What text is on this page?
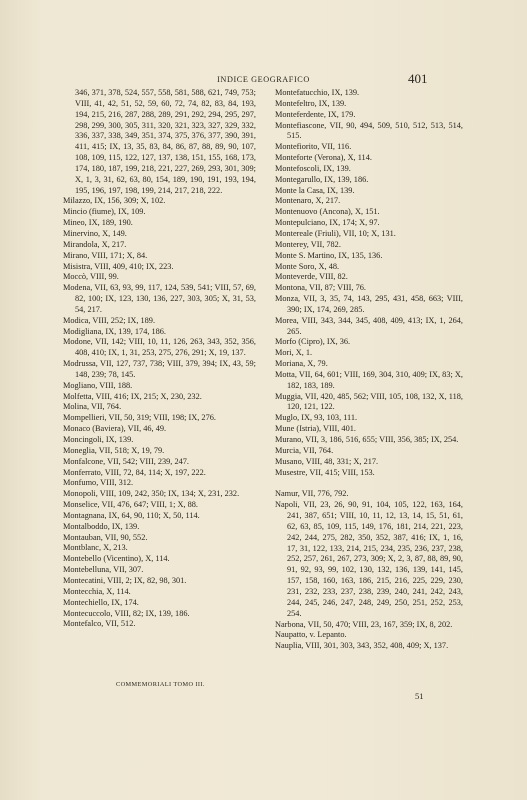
INDICE GEOGRAFICO	401
346, 371, 378, 524, 557, 558, 581, 588, 621, 749, 753; VIII, 41, 42, 51, 52, 59, 60, 72, 74, 82, 83, 84, 193, 194, 215, 216, 287, 288, 289, 291, 292, 294, 295, 297, 298, 299, 300, 305, 311, 320, 321, 323, 327, 329, 332, 336, 337, 338, 349, 351, 374, 375, 376, 377, 390, 391, 411, 415; IX, 13, 35, 83, 84, 86, 87, 88, 89, 90, 107, 108, 109, 115, 122, 127, 137, 138, 151, 155, 168, 173, 174, 180, 187, 199, 218, 221, 227, 269, 293, 301, 309; X, 1, 3, 31, 62, 63, 80, 154, 189, 190, 191, 193, 194, 195, 196, 197, 198, 199, 214, 217, 218, 222.
Milazzo, IX, 156, 309; X, 102.
Mincio (fiume), IX, 109.
Mineo, IX, 189, 190.
Minervino, X, 149.
Mirandola, X, 217.
Mirano, VIII, 171; X, 84.
Misistra, VIII, 409, 410; IX, 223.
Moccò, VIII, 99.
Modena, VII, 63, 93, 99, 117, 124, 539, 541; VIII, 57, 69, 82, 100; IX, 123, 130, 136, 227, 303, 305; X, 31, 53, 54, 217.
Modica, VIII, 252; IX, 189.
Modigliana, IX, 139, 174, 186.
Modone, VII, 142; VIII, 10, 11, 126, 263, 343, 352, 356, 408, 410; IX, 1, 31, 253, 275, 276, 291; X, 19, 137.
Modrussa, VII, 127, 737, 738; VIII, 379, 394; IX, 43, 59; 148, 239; 78, 145.
Mogliano, VIII, 188.
Molfetta, VIII, 416; IX, 215; X, 230, 232.
Molina, VII, 764.
Mompellieri, VII, 50, 319; VIII, 198; IX, 276.
Monaco (Baviera), VII, 46, 49.
Moncingoli, IX, 139.
Moneglia, VII, 518; X, 19, 79.
Monfalcone, VII, 542; VIII, 239, 247.
Monferrato, VIII, 72, 84, 114; X, 197, 222.
Monfumo, VIII, 312.
Monopoli, VIII, 109, 242, 350; IX, 134; X, 231, 232.
Monselice, VII, 476, 647; VIII, 1; X, 88.
Montagnana, IX, 64, 90, 110; X, 50, 114.
Montalboddo, IX, 139.
Montauban, VII, 90, 552.
Montblanc, X, 213.
Montebello (Vicentino), X, 114.
Montebelluna, VII, 307.
Montecatini, VIII, 2; IX, 82, 98, 301.
Montecchia, X, 114.
Montechiello, IX, 174.
Montecuccolo, VIII, 82; IX, 139, 186.
Montefalco, VII, 512.
Montefatucchio, IX, 139.
Montefeltro, IX, 139.
Monteferdente, IX, 179.
Montefiascone, VII, 90, 494, 509, 510, 512, 513, 514, 515.
Montefiorito, VII, 116.
Monteforte (Verona), X, 114.
Montefoscoli, IX, 139.
Montegarullo, IX, 139, 186.
Monte la Casa, IX, 139.
Montenaro, X, 217.
Montenuovo (Ancona), X, 151.
Montepulciano, IX, 174; X, 97.
Montereale (Friuli), VII, 10; X, 131.
Monterey, VII, 782.
Monte S. Martino, IX, 135, 136.
Monte Soro, X, 48.
Monteverde, VIII, 82.
Montona, VII, 87; VIII, 76.
Monza, VII, 3, 35, 74, 143, 295, 431, 458, 663; VIII, 390; IX, 174, 269, 285.
Morea, VIII, 343, 344, 345, 408, 409, 413; IX, 1, 264, 265.
Morfo (Cipro), IX, 36.
Mori, X, 1.
Moriana, X, 79.
Motta, VII, 64, 601; VIII, 169, 304, 310, 409; IX, 83; X, 182, 183, 189.
Muggia, VII, 420, 485, 562; VIII, 105, 108, 132, X, 118, 120, 121, 122.
Muglo, IX, 93, 103, 111.
Mune (Istria), VIII, 401.
Murano, VII, 3, 186, 516, 655; VIII, 356, 385; IX, 254.
Murcia, VII, 764.
Musano, VIII, 48, 331; X, 217.
Musestre, VII, 415; VIII, 153.
Namur, VII, 776, 792.
Napoli, VII, 23, 26, 90, 91, 104, 105, 122, 163, 164, 241, 387, 651; VIII, 10, 11, 12, 13, 14, 15, 51, 61, 62, 63, 85, 109, 115, 149, 176, 181, 214, 221, 223, 242, 244, 275, 282, 350, 352, 387, 416; IX, 1, 16, 17, 31, 122, 133, 214, 215, 234, 235, 236, 237, 238, 252, 257, 261, 267, 273, 309; X, 2, 3, 87, 88, 89, 90, 91, 92, 93, 99, 102, 130, 132, 136, 139, 141, 145, 157, 158, 160, 163, 186, 215, 216, 225, 229, 230, 231, 232, 233, 237, 238, 239, 240, 241, 242, 243, 244, 245, 246, 247, 248, 249, 250, 251, 252, 253, 254.
Narbona, VII, 50, 470; VIII, 23, 167, 359; IX, 8, 202.
Naupatto, v. Lepanto.
Nauplia, VIII, 301, 303, 343, 352, 408, 409; X, 137.
COMMEMORIALI TOMO III.
51
